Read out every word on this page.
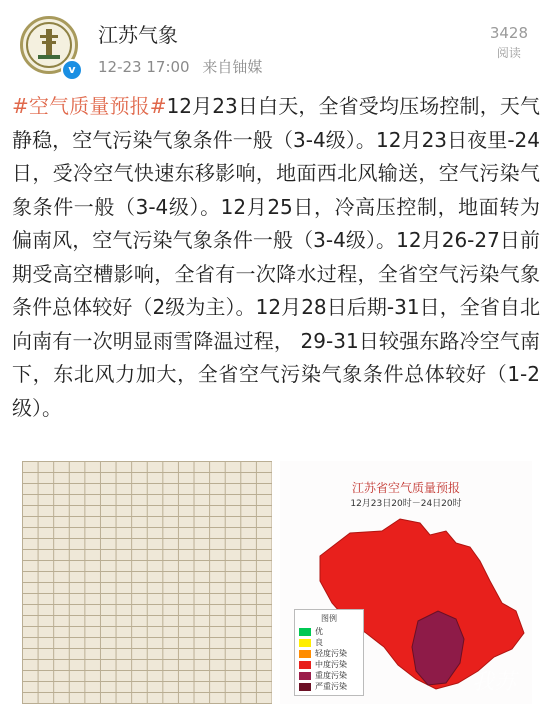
v
江苏气象
12-23 17:00 来自铀媒
3428
阅读

#空气质量预报#12月23日白天，全省受均压场控制，天气静稳，空气污染气象条件一般（3-4级）。12月23日夜里-24日，受冷空气快速东移影响，地面西北风输送，空气污染气象条件一般（3-4级）。12月25日，冷高压控制，地面转为偏南风，空气污染气象条件一般（3-4级）。12月26-27日前期受高空槽影响，全省有一次降水过程，全省空气污染气象条件总体较好（2级为主）。12月28日后期-31日，全省自北向南有一次明显雨雪降温过程， 29-31日较强东路冷空气南下，东北风力加大，全省空气污染气象条件总体较好（1-2级）。

江苏省空气质量预报
12月23日20时－24日20时
图例
优
良
轻度污染
中度污染
重度污染
严重污染	我苏
